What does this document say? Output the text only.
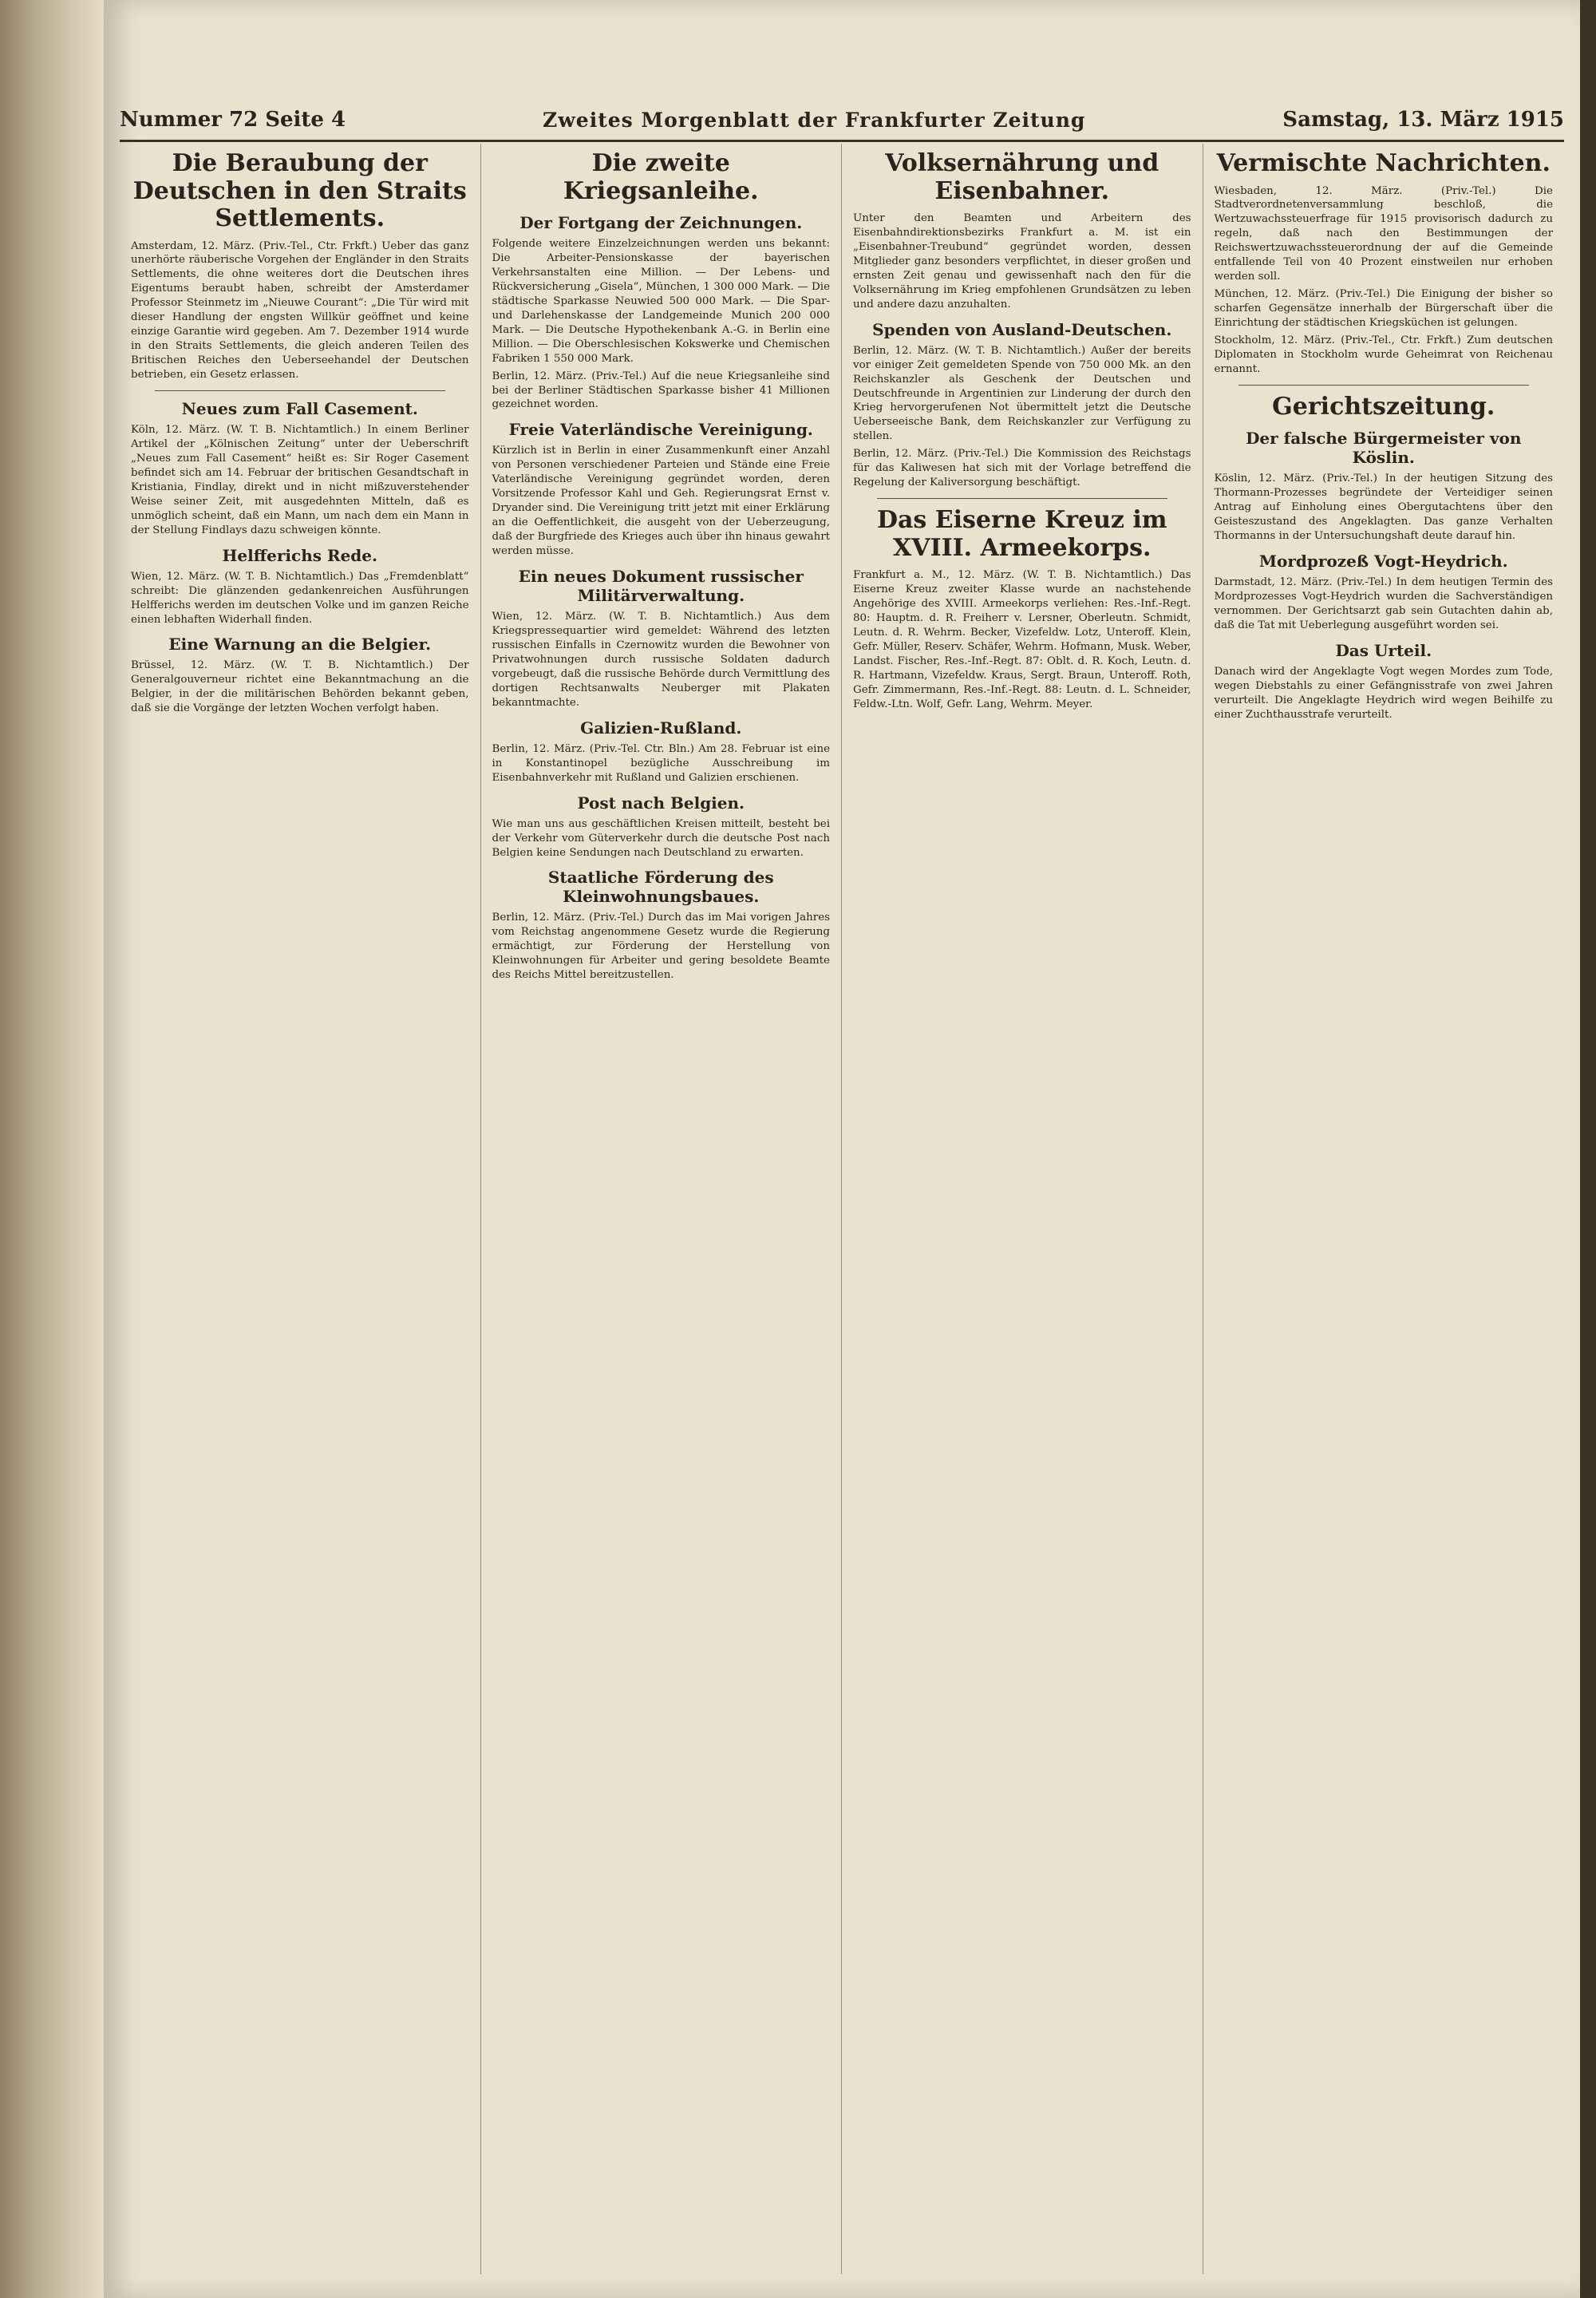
Nummer 72 Seite 4	Zweites Morgenblatt der Frankfurter Zeitung	Samstag, 13. März 1915
Die Beraubung der Deutschen in den Straits Settlements.

Amsterdam, 12. März. (Priv.-Tel., Ctr. Frkft.) Ueber das ganz unerhörte räuberische Vorgehen der Engländer in den Straits Settlements, die ohne weiteres dort die Deutschen ihres Eigentums beraubt haben, schreibt der Amsterdamer Professor Steinmetz im „Nieuwe Courant“: „Die Tür wird mit dieser Handlung der engsten Willkür geöffnet und keine einzige Garantie wird gegeben. Am 7. Dezember 1914 wurde in den Straits Settlements, die gleich anderen Teilen des Britischen Reiches den Ueberseehandel der Deutschen betrieben, ein Gesetz erlassen.

Neues zum Fall Casement.

Köln, 12. März. (W. T. B. Nichtamtlich.) In einem Berliner Artikel der „Kölnischen Zeitung“ unter der Ueberschrift „Neues zum Fall Casement“ heißt es: Sir Roger Casement befindet sich am 14. Februar der britischen Gesandtschaft in Kristiania, Findlay, direkt und in nicht mißzuverstehender Weise seiner Zeit, mit ausgedehnten Mitteln, daß es unmöglich scheint, daß ein Mann, um nach dem ein Mann in der Stellung Findlays dazu schweigen könnte.

Helfferichs Rede.

Wien, 12. März. (W. T. B. Nichtamtlich.) Das „Fremdenblatt“ schreibt: Die glänzenden gedankenreichen Ausführungen Helfferichs werden im deutschen Volke und im ganzen Reiche einen lebhaften Widerhall finden.

Eine Warnung an die Belgier.

Brüssel, 12. März. (W. T. B. Nichtamtlich.) Der Generalgouverneur richtet eine Bekanntmachung an die Belgier, in der die militärischen Behörden bekannt geben, daß sie die Vorgänge der letzten Wochen verfolgt haben.

Die zweite Kriegsanleihe.
Der Fortgang der Zeichnungen.

Folgende weitere Einzelzeichnungen werden uns bekannt: Die Arbeiter-Pensionskasse der bayerischen Verkehrsanstalten eine Million. — Der Lebens- und Rückversicherung „Gisela“, München, 1 300 000 Mark. — Die städtische Sparkasse Neuwied 500 000 Mark. — Die Spar- und Darlehenskasse der Landgemeinde Munich 200 000 Mark. — Die Deutsche Hypothekenbank A.-G. in Berlin eine Million. — Die Oberschlesischen Kokswerke und Chemischen Fabriken 1 550 000 Mark.

Berlin, 12. März. (Priv.-Tel.) Auf die neue Kriegsanleihe sind bei der Berliner Städtischen Sparkasse bisher 41 Millionen gezeichnet worden.

Freie Vaterländische Vereinigung.

Kürzlich ist in Berlin in einer Zusammenkunft einer Anzahl von Personen verschiedener Parteien und Stände eine Freie Vaterländische Vereinigung gegründet worden, deren Vorsitzende Professor Kahl und Geh. Regierungsrat Ernst v. Dryander sind. Die Vereinigung tritt jetzt mit einer Erklärung an die Oeffentlichkeit, die ausgeht von der Ueberzeugung, daß der Burgfriede des Krieges auch über ihn hinaus gewahrt werden müsse.

Ein neues Dokument russischer Militärverwaltung.

Wien, 12. März. (W. T. B. Nichtamtlich.) Aus dem Kriegspressequartier wird gemeldet: Während des letzten russischen Einfalls in Czernowitz wurden die Bewohner von Privatwohnungen durch russische Soldaten dadurch vorgebeugt, daß die russische Behörde durch Vermittlung des dortigen Rechtsanwalts Neuberger mit Plakaten bekanntmachte.

Galizien-Rußland.

Berlin, 12. März. (Priv.-Tel. Ctr. Bln.) Am 28. Februar ist eine in Konstantinopel bezügliche Ausschreibung im Eisenbahnverkehr mit Rußland und Galizien erschienen.

Post nach Belgien.

Wie man uns aus geschäftlichen Kreisen mitteilt, besteht bei der Verkehr vom Güterverkehr durch die deutsche Post nach Belgien keine Sendungen nach Deutschland zu erwarten.

Staatliche Förderung des Kleinwohnungsbaues.

Berlin, 12. März. (Priv.-Tel.) Durch das im Mai vorigen Jahres vom Reichstag angenommene Gesetz wurde die Regierung ermächtigt, zur Förderung der Herstellung von Kleinwohnungen für Arbeiter und gering besoldete Beamte des Reichs Mittel bereitzustellen.

Volksernährung und Eisenbahner.

Unter den Beamten und Arbeitern des Eisenbahndirektionsbezirks Frankfurt a. M. ist ein „Eisenbahner-Treubund“ gegründet worden, dessen Mitglieder ganz besonders verpflichtet, in dieser großen und ernsten Zeit genau und gewissenhaft nach den für die Volksernährung im Krieg empfohlenen Grundsätzen zu leben und andere dazu anzuhalten.

Spenden von Ausland-Deutschen.

Berlin, 12. März. (W. T. B. Nichtamtlich.) Außer der bereits vor einiger Zeit gemeldeten Spende von 750 000 Mk. an den Reichskanzler als Geschenk der Deutschen und Deutschfreunde in Argentinien zur Linderung der durch den Krieg hervorgerufenen Not übermittelt jetzt die Deutsche Ueberseeische Bank, dem Reichskanzler zur Verfügung zu stellen.

Berlin, 12. März. (Priv.-Tel.) Die Kommission des Reichstags für das Kaliwesen hat sich mit der Vorlage betreffend die Regelung der Kaliversorgung beschäftigt.

Das Eiserne Kreuz im XVIII. Armeekorps.

Frankfurt a. M., 12. März. (W. T. B. Nichtamtlich.) Das Eiserne Kreuz zweiter Klasse wurde an nachstehende Angehörige des XVIII. Armeekorps verliehen: Res.-Inf.-Regt. 80: Hauptm. d. R. Freiherr v. Lersner, Oberleutn. Schmidt, Leutn. d. R. Wehrm. Becker, Vizefeldw. Lotz, Unteroff. Klein, Gefr. Müller, Reserv. Schäfer, Wehrm. Hofmann, Musk. Weber, Landst. Fischer, Res.-Inf.-Regt. 87: Oblt. d. R. Koch, Leutn. d. R. Hartmann, Vizefeldw. Kraus, Sergt. Braun, Unteroff. Roth, Gefr. Zimmermann, Res.-Inf.-Regt. 88: Leutn. d. L. Schneider, Feldw.-Ltn. Wolf, Gefr. Lang, Wehrm. Meyer.

Vermischte Nachrichten.

Wiesbaden, 12. März. (Priv.-Tel.) Die Stadtverordnetenversammlung beschloß, die Wertzuwachssteuerfrage für 1915 provisorisch dadurch zu regeln, daß nach den Bestimmungen der Reichswertzuwachssteuerordnung der auf die Gemeinde entfallende Teil von 40 Prozent einstweilen nur erhoben werden soll.

München, 12. März. (Priv.-Tel.) Die Einigung der bisher so scharfen Gegensätze innerhalb der Bürgerschaft über die Einrichtung der städtischen Kriegsküchen ist gelungen.

Stockholm, 12. März. (Priv.-Tel., Ctr. Frkft.) Zum deutschen Diplomaten in Stockholm wurde Geheimrat von Reichenau ernannt.

Gerichtszeitung.
Der falsche Bürgermeister von Köslin.

Köslin, 12. März. (Priv.-Tel.) In der heutigen Sitzung des Thormann-Prozesses begründete der Verteidiger seinen Antrag auf Einholung eines Obergutachtens über den Geisteszustand des Angeklagten. Das ganze Verhalten Thormanns in der Untersuchungshaft deute darauf hin.

Mordprozeß Vogt-Heydrich.

Darmstadt, 12. März. (Priv.-Tel.) In dem heutigen Termin des Mordprozesses Vogt-Heydrich wurden die Sachverständigen vernommen. Der Gerichtsarzt gab sein Gutachten dahin ab, daß die Tat mit Ueberlegung ausgeführt worden sei.

Das Urteil.

Danach wird der Angeklagte Vogt wegen Mordes zum Tode, wegen Diebstahls zu einer Gefängnisstrafe von zwei Jahren verurteilt. Die Angeklagte Heydrich wird wegen Beihilfe zu einer Zuchthausstrafe verurteilt.
